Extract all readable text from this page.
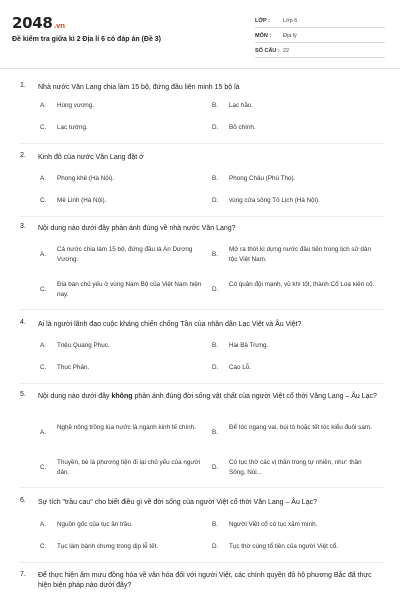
2048.vn
Đề kiểm tra giữa kì 2 Địa lí 6 có đáp án (Đề 3)
LỚP :	Lớp 6
MÔN :	Địa lý
SỐ CÂU : 22
1. Nhà nước Văn Lang chia làm 15 bộ, đứng đầu liên minh 15 bộ là
A. Hùng vương.	B. Lạc hầu.
C. Lạc tướng.	D. Bồ chính.
2. Kinh đô của nước Văn Lang đặt ở
A. Phong khê (Hà Nội).	B. Phong Châu (Phú Thọ).
C. Mê Linh (Hà Nội).	D. vùng cửa sông Tô Lịch (Hà Nội).
3. Nội dung nào dưới đây phản ánh đúng về nhà nước Văn Lang?
A.
Cả nước chia làm 15 bộ, đứng đầu là An Dương Vương.
B.
Mở ra thời kì dựng nước đầu tiên trong lịch sử dân tộc Việt Nam.
C.
Địa bàn chủ yếu ở vùng Nam Bộ của Việt Nam hiện nay.
D.
Có quân đội mạnh, vũ khí tốt, thành Cổ Loa kiên cố.
4. Ai là người lãnh đạo cuộc kháng chiến chống Tần của nhân dân Lạc Việt và Âu Việt?
A. Triệu Quang Phục.	B. Hai Bà Trưng.
C. Thục Phán.	D. Cao Lỗ.
5. Nội dung nào dưới đây không phản ánh đúng đời sống vật chất của người Việt cổ thời Văng Lang – Âu Lạc?
A.
Nghề nông trồng lúa nước là ngành kinh tế chính.
B.
Để tóc ngang vai, búi tó hoặc tết tóc kiểu đuôi sam.
C.
Thuyền, bè là phương tiện đi lại chủ yếu của người dân.
D.
Có tục thờ các vị thần trong tự nhiên, như: thần Sông, Núi...
6. Sự tích "trầu cau" cho biết điều gì về đời sống của người Việt cổ thời Văn Lang – Âu Lạc?
A. Nguồn gốc của tục ăn trầu.	B. Người Việt cổ có tục xăm mình.
C. Tục làm bánh chưng trong dịp lễ tết.	D. Tục thờ cúng tổ tiên của người Việt cổ.
7. Để thực hiện âm mưu đồng hóa về văn hóa đối với người Việt, các chính quyền đô hộ phương Bắc đã thực hiện biện pháp nào dưới đây?
